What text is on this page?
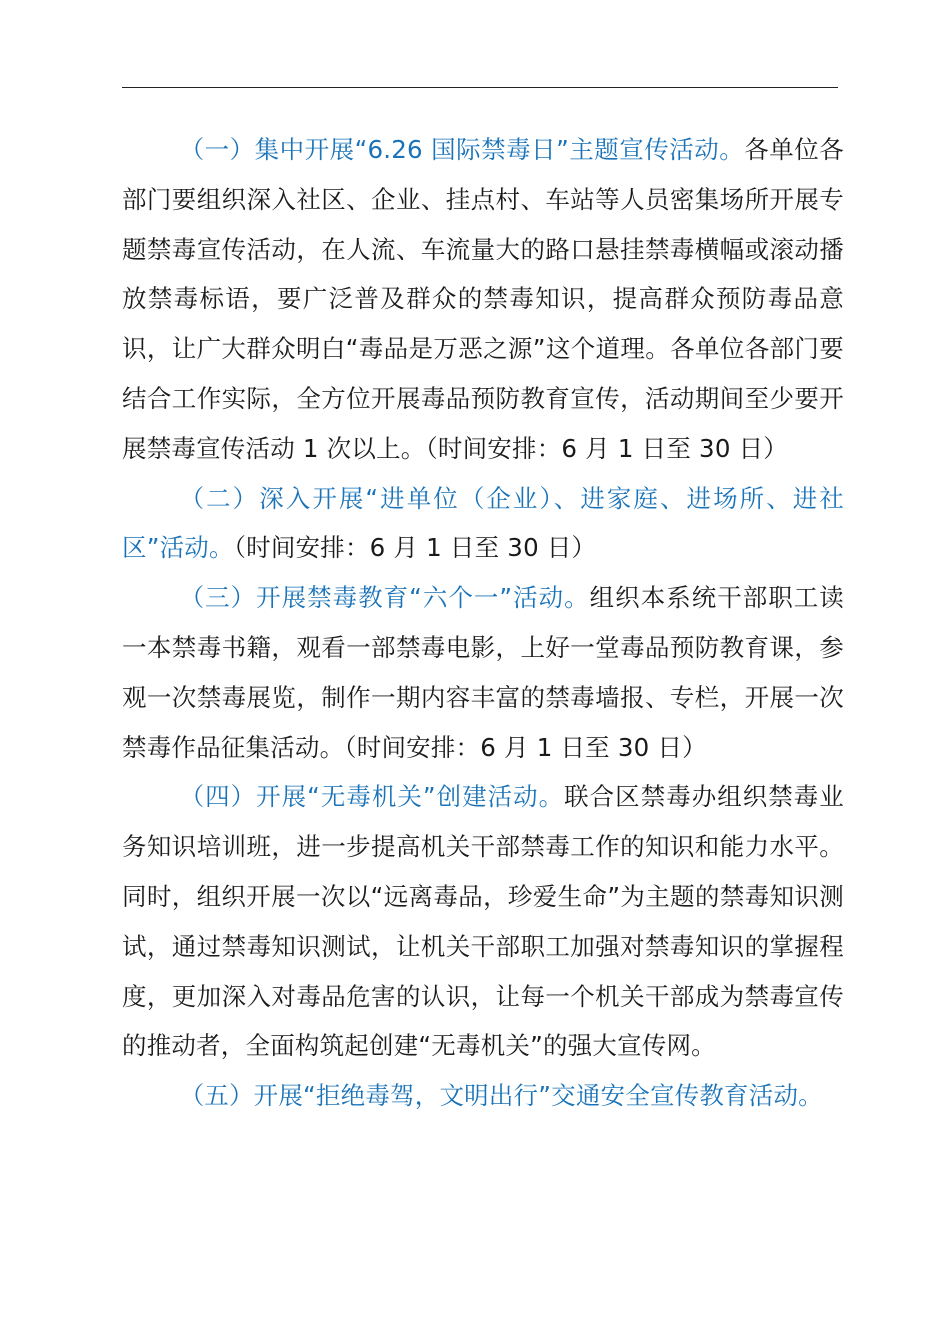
（一）集中开展“6.26 国际禁毒日”主题宣传活动。各单位各部门要组织深入社区、企业、挂点村、车站等人员密集场所开展专题禁毒宣传活动，在人流、车流量大的路口悬挂禁毒横幅或滚动播放禁毒标语，要广泛普及群众的禁毒知识，提高群众预防毒品意识，让广大群众明白“毒品是万恶之源”这个道理。各单位各部门要结合工作实际，全方位开展毒品预防教育宣传，活动期间至少要开展禁毒宣传活动 1 次以上。（时间安排：6 月 1 日至 30 日）

（二）深入开展“进单位（企业）、进家庭、进场所、进社区”活动。（时间安排：6 月 1 日至 30 日）

（三）开展禁毒教育“六个一”活动。组织本系统干部职工读一本禁毒书籍，观看一部禁毒电影，上好一堂毒品预防教育课，参观一次禁毒展览，制作一期内容丰富的禁毒墙报、专栏，开展一次禁毒作品征集活动。（时间安排：6 月 1 日至 30 日）

（四）开展“无毒机关”创建活动。联合区禁毒办组织禁毒业务知识培训班，进一步提高机关干部禁毒工作的知识和能力水平。同时，组织开展一次以“远离毒品，珍爱生命”为主题的禁毒知识测试，通过禁毒知识测试，让机关干部职工加强对禁毒知识的掌握程度，更加深入对毒品危害的认识，让每一个机关干部成为禁毒宣传的推动者，全面构筑起创建“无毒机关”的强大宣传网。

（五）开展“拒绝毒驾，文明出行”交通安全宣传教育活动。
